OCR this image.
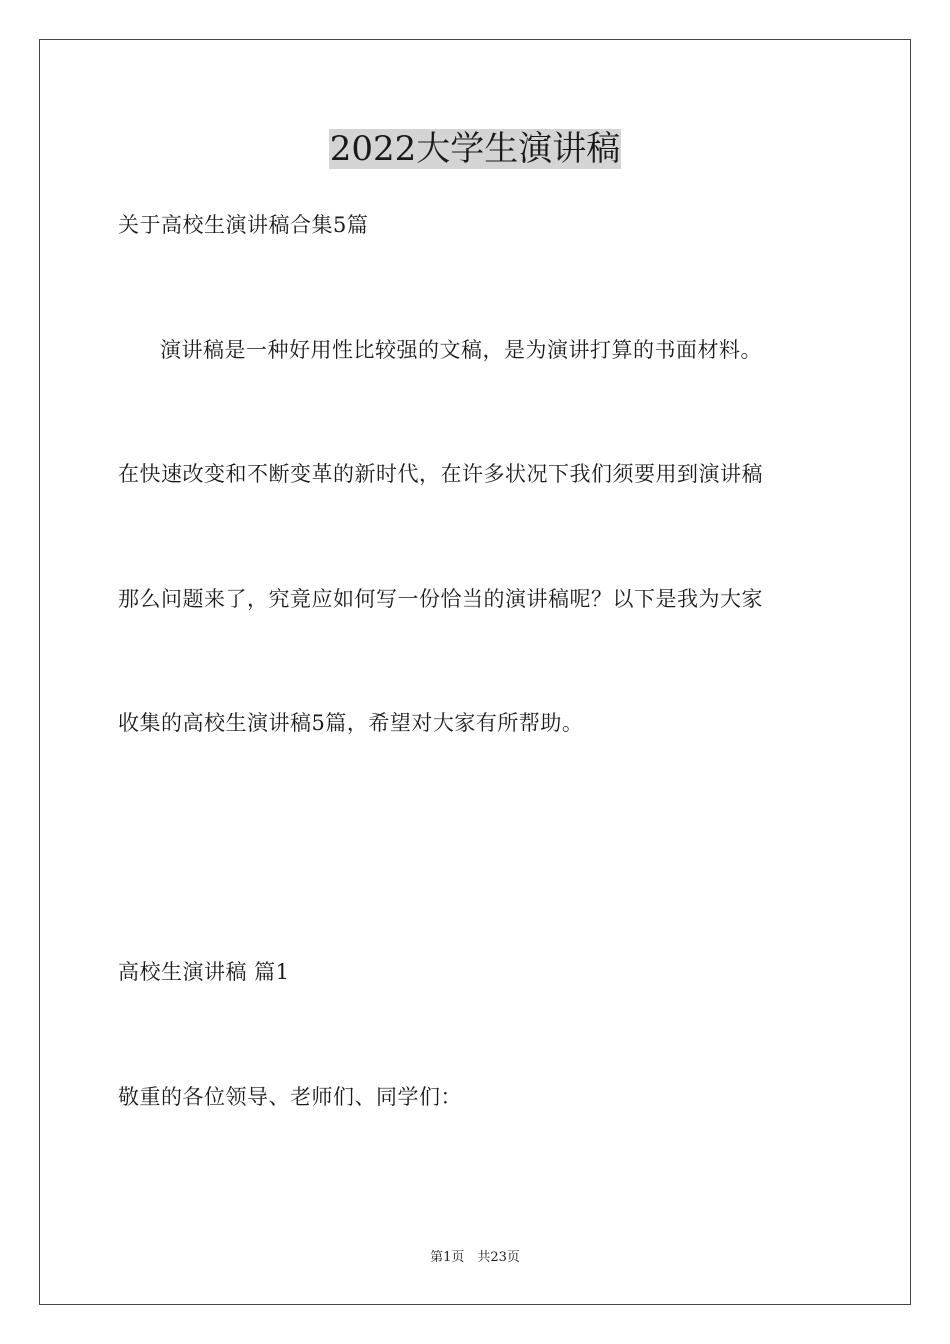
2022大学生演讲稿
关于高校生演讲稿合集5篇
演讲稿是一种好用性比较强的文稿，是为演讲打算的书面材料。
在快速改变和不断变革的新时代，在许多状况下我们须要用到演讲稿
那么问题来了，究竟应如何写一份恰当的演讲稿呢？以下是我为大家
收集的高校生演讲稿5篇，希望对大家有所帮助。
高校生演讲稿 篇1
敬重的各位领导、老师们、同学们：
第1页　共23页
